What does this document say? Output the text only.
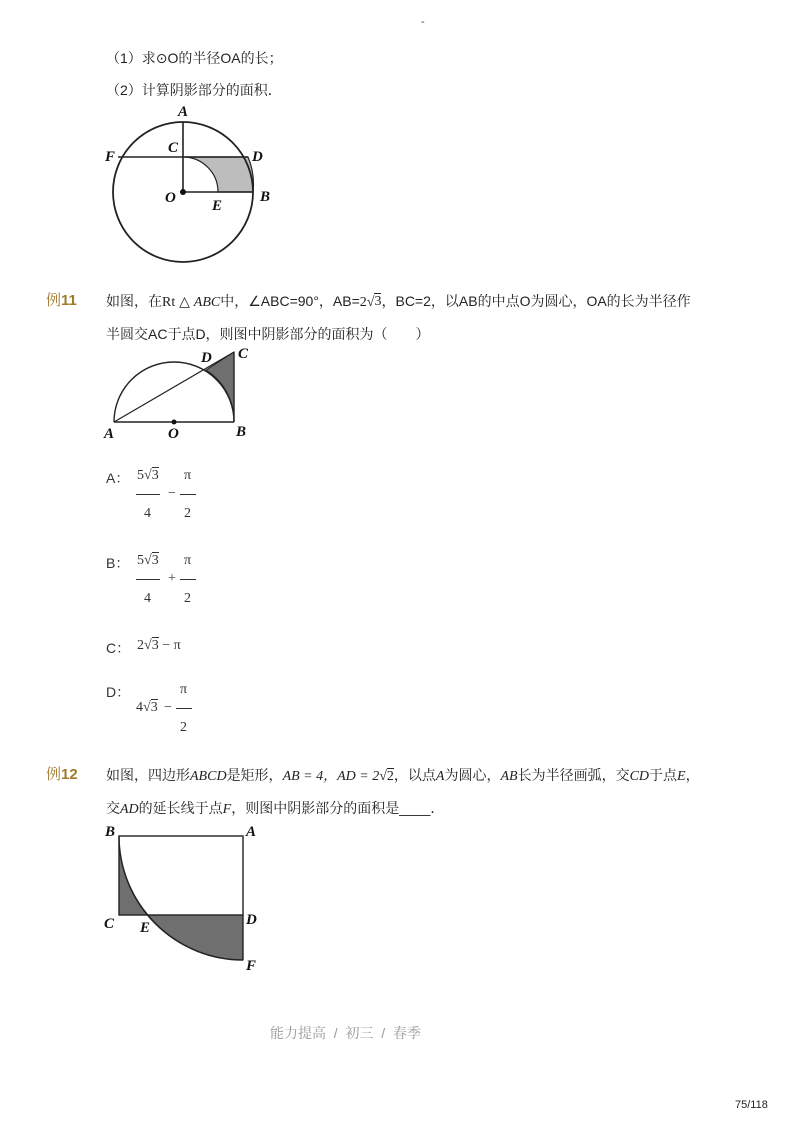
-
（1）求⊙O的半径OA的长；
（2）计算阴影部分的面积．
A
C
D
F
O E
B
例11 如图，在Rt △ ABC中，∠ABC=90°，AB=2√3，BC=2，以AB的中点O为圆心，OA的长为半径作
半圆交AC于点D，则图中阴影部分的面积为（　　）
D C
A	O	B
A： 5√3 π
−
4 2
B： 5√3 π
+
4 2
C： 2√3 − π
D：	π
4√3 −
2
例12 如图，四边形ABCD是矩形，AB = 4，AD = 2√2，以点A为圆心，AB长为半径画弧，交CD于点E，
交AD的延长线于点F，则图中阴影部分的面积是____．
B	A
C E	D
F
能力提高  /  初三  /  春季
75/118
